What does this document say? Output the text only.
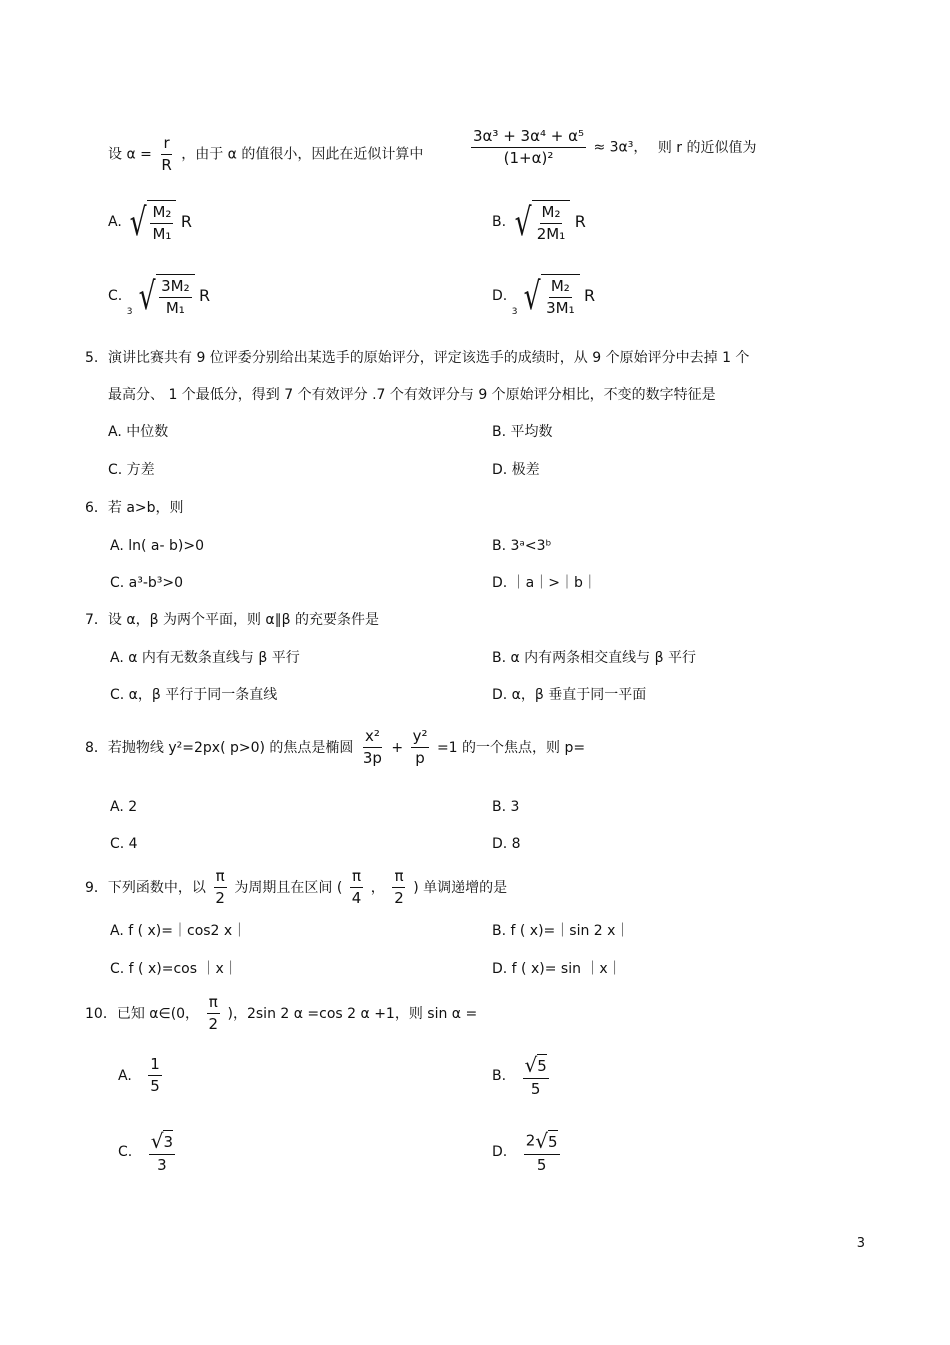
设 $\alpha = \frac{r}{R}$ ，由于 α 的值很小，因此在近似计算中	$\frac{\text{3α³ + 3α⁴ + α⁵}}{\text{(1+α)²}} \approx 3\alpha^3$， 则 r 的近似值为
A. √ $\frac{\text{M₂}}{\text{M₁}}$ R	B. √ $\frac{\text{M₂}}{\text{2M₁}}$ R
C. $_3$ √ $\frac{\text{3M₂}}{\text{M₁}}$ R	D. $_3$ √ $\frac{\text{M₂}}{\text{3M₁}}$ R
5. 演讲比赛共有 9 位评委分别给出某选手的原始评分，评定该选手的成绩时，从 9 个原始评分中去掉 1 个
最高分、 1 个最低分，得到 7 个有效评分 .7 个有效评分与 9 个原始评分相比，不变的数字特征是
A. 中位数	B. 平均数
C. 方差	D. 极差
6．若 a>b，则
A. ln( a- b)>0	B. 3ᵃ<3ᵇ
C. a³-b³>0	D. ｜a｜>｜b｜
7．设 α，β 为两个平面，则 α∥β 的充要条件是
A. α 内有无数条直线与 β 平行	B. α 内有两条相交直线与 β 平行
C. α，β 平行于同一条直线	D. α，β 垂直于同一平面
8．若抛物线 y²=2px( p>0) 的焦点是椭圆 $\frac{\text{x²}}{3p} + \frac{\text{y²}}{p} =1$ 的一个焦点，则 p=
A. 2	B. 3
C. 4	D. 8
9．下列函数中，以 $\frac{\pi}{2}$ 为周期且在区间 ( $\frac{\pi}{4}$ ， $\frac{\pi}{2}$ ) 单调递增的是
A. f ( x)=｜cos2 x｜	B. f ( x)=｜sin 2 x｜
C. f ( x)=cos ｜x｜	D. f ( x)= sin ｜x｜
10．已知 α∈(0， $\frac{\pi}{2}$ )，2sin 2 α =cos 2 α +1，则 sin α =
A. $\frac{1}{5}$	B. $\frac{√ 5}{5}$
C. $\frac{√ 3}{3}$	D. $\frac{2 √ 5}{5}$
3
